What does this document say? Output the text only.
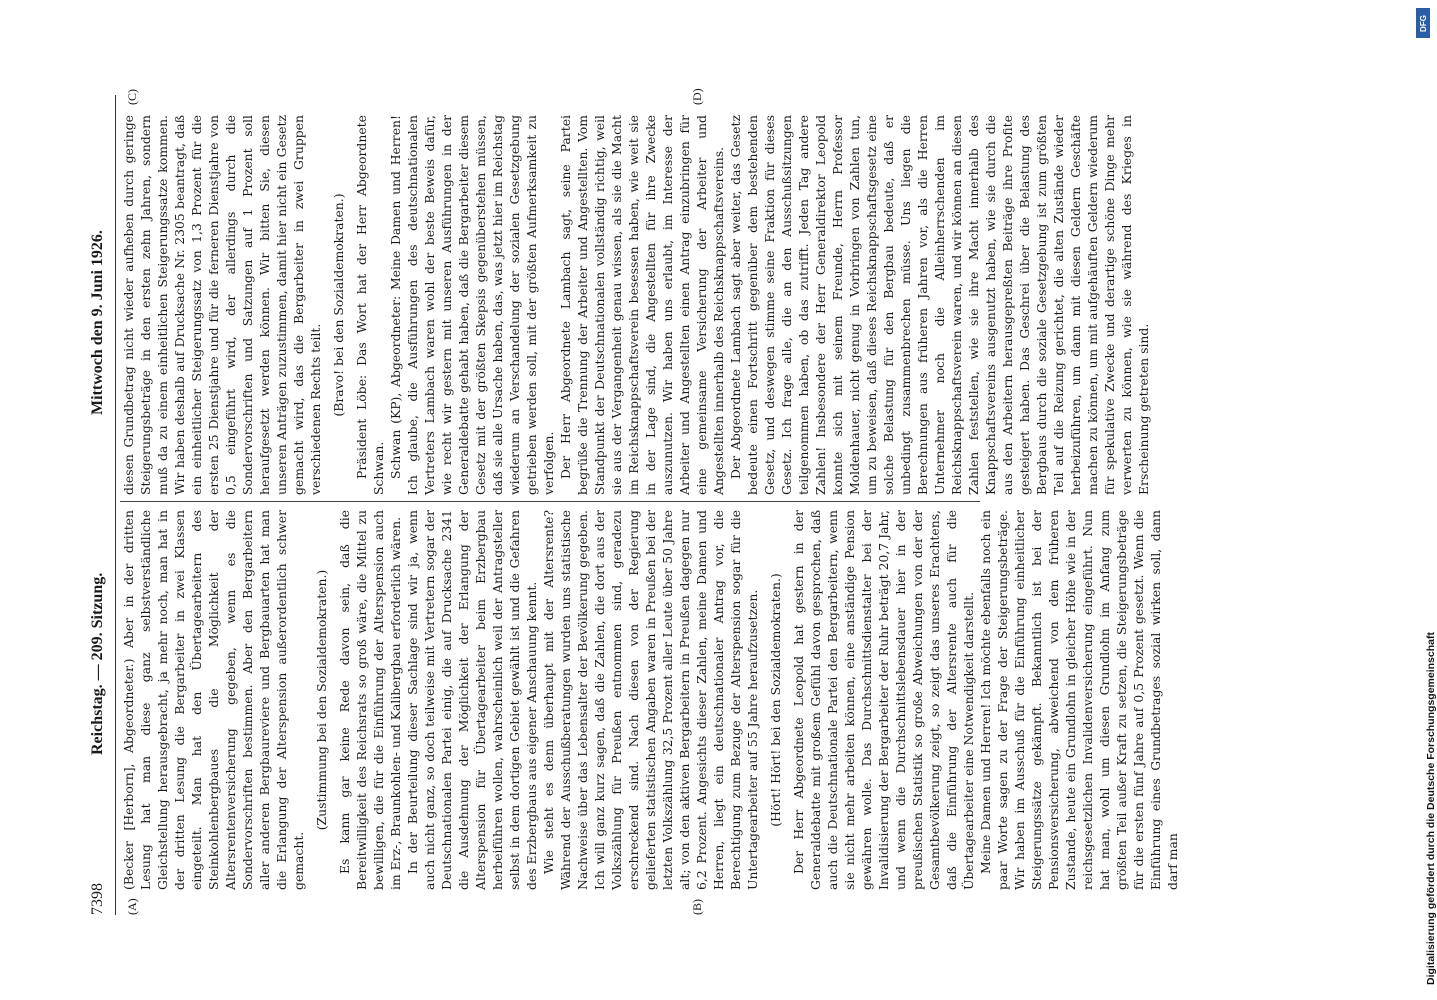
7398
Reichstag. — 209. Sitzung.
Mittwoch den 9. Juni 1926.
(A)	(B)
(C)	(D)

(Becker [Herborn], Abgeordneter.) Aber in der dritten Lesung hat man diese ganz selbstverständliche Gleichstellung herausgebracht, ja mehr noch, man hat in der dritten Lesung die Bergarbeiter in zwei Klassen eingeteilt. Man hat den Übertagearbeitern des Steinkohlenbergbaues die Möglichkeit der Altersrentenversicherung gegeben, wenn es die Sondervorschriften bestimmen. Aber den Bergarbeitern aller anderen Bergbaureviere und Bergbauarten hat man die Erlangung der Alterspension außerordentlich schwer gemacht.

(Zustimmung bei den Sozialdemokraten.) Es kann gar keine Rede davon sein, daß die Bereitwilligkeit des Reichsrats so groß wäre, die Mittel zu bewilligen, die für die Einführung der Alterspension auch im Erz-, Braunkohlen- und Kalibergbau erforderlich wären. In der Beurteilung dieser Sachlage sind wir ja, wenn auch nicht ganz, so doch teilweise mit Vertretern sogar der Deutschnationalen Partei einig, die auf Drucksache 2341 die Ausdehnung der Möglichkeit der Erlangung der Alterspension für Übertagearbeiter beim Erzbergbau herbeiführen wollen, wahrscheinlich weil der Antragsteller selbst in dem dortigen Gebiet gewählt ist und die Gefahren des Erzbergbaus aus eigener Anschauung kennt. Wie steht es denn überhaupt mit der Altersrente? Während der Ausschußberatungen wurden uns statistische Nachweise über das Lebensalter der Bevölkerung gegeben. Ich will ganz kurz sagen, daß die Zahlen, die dort aus der Volkszählung für Preußen entnommen sind, geradezu erschreckend sind. Nach diesen von der Regierung gelieferten statistischen Angaben waren in Preußen bei der letzten Volkszählung 32,5 Prozent aller Leute über 50 Jahre alt; von den aktiven Bergarbeitern in Preußen dagegen nur 6,2 Prozent. Angesichts dieser Zahlen, meine Damen und Herren, liegt ein deutschnationaler Antrag vor, die Berechtigung zum Bezuge der Alterspension sogar für die Untertagearbeiter auf 55 Jahre heraufzusetzen. (Hört! Hört! bei den Sozialdemokraten.) Der Herr Abgeordnete Leopold hat gestern in der Generaldebatte mit großem Gefühl davon gesprochen, daß auch die Deutschnationale Partei den Bergarbeitern, wenn sie nicht mehr arbeiten können, eine anständige Pension gewähren wolle. Das Durchschnittsdienstalter bei der Invalidisierung der Bergarbeiter der Ruhr beträgt 20,7 Jahr, und wenn die Durchschnittslebensdauer hier in der preußischen Statistik so große Abweichungen von der der Gesamtbevölkerung zeigt, so zeigt das unseres Erachtens, daß die Einführung der Altersrente auch für die Übertagearbeiter eine Notwendigkeit darstellt. Meine Damen und Herren! Ich möchte ebenfalls noch ein paar Worte sagen zu der Frage der Steigerungsbeträge. Wir haben im Ausschuß für die Einführung einheitlicher Steigerungssätze gekämpft. Bekanntlich ist bei der Pensionsversicherung, abweichend von dem früheren Zustande, heute ein Grundlohn in gleicher Höhe wie in der reichsgesetzlichen Invalidenversicherung eingeführt. Nun hat man, wohl um diesen Grundlohn im Anfang zum größten Teil außer Kraft zu setzen, die Steigerungsbeträge für die ersten fünf Jahre auf 0,5 Prozent gesetzt. Wenn die Einführung eines Grundbetrages sozial wirken soll, dann darf man

diesen Grundbetrag nicht wieder aufheben durch geringe Steigerungsbeträge in den ersten zehn Jahren, sondern muß da zu einem einheitlichen Steigerungssatze kommen. Wir haben deshalb auf Drucksache Nr. 2305 beantragt, daß ein einheitlicher Steigerungssatz von 1,3 Prozent für die ersten 25 Dienstjahre und für die ferneren Dienstjahre von 0,5 eingeführt wird, der allerdings durch die Sondervorschriften und Satzungen auf 1 Prozent soll heraufgesetzt werden können. Wir bitten Sie, diesen unseren Anträgen zuzustimmen, damit hier nicht ein Gesetz gemacht wird, das die Bergarbeiter in zwei Gruppen verschiedenen Rechts teilt. (Bravo! bei den Sozialdemokraten.) Präsident Löbe: Das Wort hat der Herr Abgeordnete Schwan. Schwan (KP), Abgeordneter: Meine Damen und Herren! Ich glaube, die Ausführungen des deutschnationalen Vertreters Lambach waren wohl der beste Beweis dafür, wie recht wir gestern mit unseren Ausführungen in der Generaldebatte gehabt haben, daß die Bergarbeiter diesem Gesetz mit der größten Skepsis gegenüberstehen müssen, daß sie alle Ursache haben, das, was jetzt hier im Reichstag wiederum an Verschandelung der sozialen Gesetzgebung getrieben werden soll, mit der größten Aufmerksamkeit zu verfolgen. Der Herr Abgeordnete Lambach sagt, seine Partei begrüße die Trennung der Arbeiter und Angestellten. Vom Standpunkt der Deutschnationalen vollständig richtig, weil sie aus der Vergangenheit genau wissen, als sie die Macht im Reichsknappschaftsverein besessen haben, wie weit sie in der Lage sind, die Angestellten für ihre Zwecke auszunutzen. Wir haben uns erlaubt, im Interesse der Arbeiter und Angestellten einen Antrag einzubringen für eine gemeinsame Versicherung der Arbeiter und Angestellten innerhalb des Reichsknappschaftsvereins. Der Abgeordnete Lambach sagt aber weiter, das Gesetz bedeute einen Fortschritt gegenüber dem bestehenden Gesetz, und deswegen stimme seine Fraktion für dieses Gesetz. Ich frage alle, die an den Ausschußsitzungen teilgenommen haben, ob das zutrifft. Jeden Tag andere Zahlen! Insbesondere der Herr Generaldirektor Leopold konnte sich mit seinem Freunde, Herrn Professor Moldenhauer, nicht genug in Vorbringen von Zahlen tun, um zu beweisen, daß dieses Reichsknappschaftsgesetz eine solche Belastung für den Bergbau bedeute, daß er unbedingt zusammenbrechen müsse. Uns liegen die Berechnungen aus früheren Jahren vor, als die Herren Unternehmer noch die Alleinherrschenden im Reichsknappschaftsverein waren, und wir können an diesen Zahlen feststellen, wie sie ihre Macht innerhalb des Knappschaftsvereins ausgenutzt haben, wie sie durch die aus den Arbeitern herausgepreßten Beiträge ihre Profite gesteigert haben. Das Geschrei über die Belastung des Bergbaus durch die soziale Gesetzgebung ist zum größten Teil auf die Reizung gerichtet, die alten Zustände wieder herbeizuführen, um dann mit diesen Geldern Geschäfte machen zu können, um mit aufgehäuften Geldern wiederum für spekulative Zwecke und derartige schöne Dinge mehr verwerten zu können, wie sie während des Krieges in Erscheinung getreten sind.

DFG
Digitalisierung gefördert durch die Deutsche Forschungsgemeinschaft
